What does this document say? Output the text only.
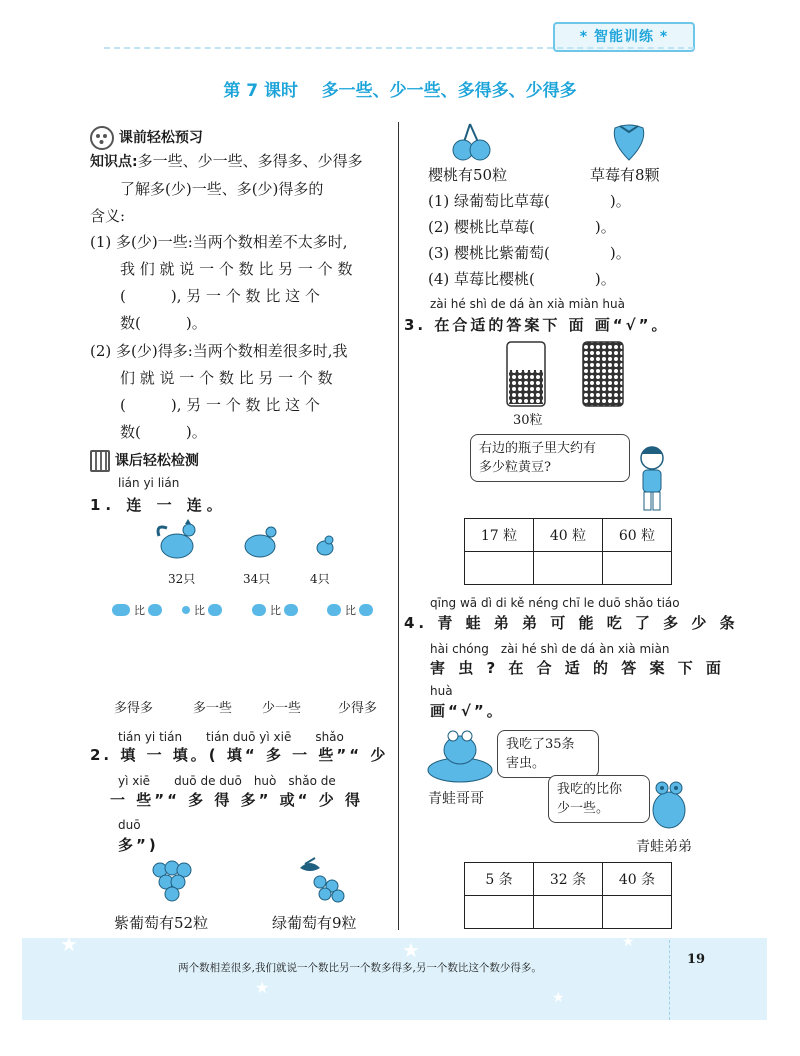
* 智能训练 *
第 7 课时 多一些、少一些、多得多、少得多
课前轻松预习
知识点:多一些、少一些、多得多、少得多
了解多(少)一些、多(少)得多的
含义:
(1) 多(少)一些:当两个数相差不太多时,
我 们 就 说 一 个 数 比 另 一 个 数
(　　　), 另 一 个 数 比 这 个
数(　　　)。
(2) 多(少)得多:当两个数相差很多时,我
们 就 说 一 个 数 比 另 一 个 数
(　　　), 另 一 个 数 比 这 个
数(　　　)。
课后轻松检测
lián yi lián
1. 连 一 连。
32只	34只	4只
比	比	比	比
多得多	多一些 少一些	少得多
tián yi tián　　tián duō yì xiē　　shǎo
2. 填 一 填。( 填“ 多 一 些”“ 少
yì xiē　　duō de duō　huò　shǎo de
一 些”“ 多 得 多” 或“ 少 得
duō
多”)
紫葡萄有52粒	绿葡萄有9粒
樱桃有50粒	草莓有8颗
(1) 绿葡萄比草莓(　　　　)。
(2) 樱桃比草莓(　　　　)。
(3) 樱桃比紫葡萄(　　　　)。
(4) 草莓比樱桃(　　　　)。
zài hé shì de dá àn xià miàn huà
3. 在合适的答案下 面 画“√”。
30粒
右边的瓶子里大约有
多少粒黄豆?
17 粒	40 粒	60 粒

qīng wā dì di kě néng chī le duō shǎo tiáo
4. 青 蛙 弟 弟 可 能 吃 了 多 少 条
hài chóng　zài hé shì de dá àn xià miàn
害 虫 ? 在 合 适 的 答 案 下 面
huà
画“√”。
我吃了35条
害虫。
青蛙哥哥
我吃的比你
少一些。
青蛙弟弟
5 条	32 条	40 条

★
★
★
★
★
两个数相差很多,我们就说一个数比另一个数多得多,另一个数比这个数少得多。
19
